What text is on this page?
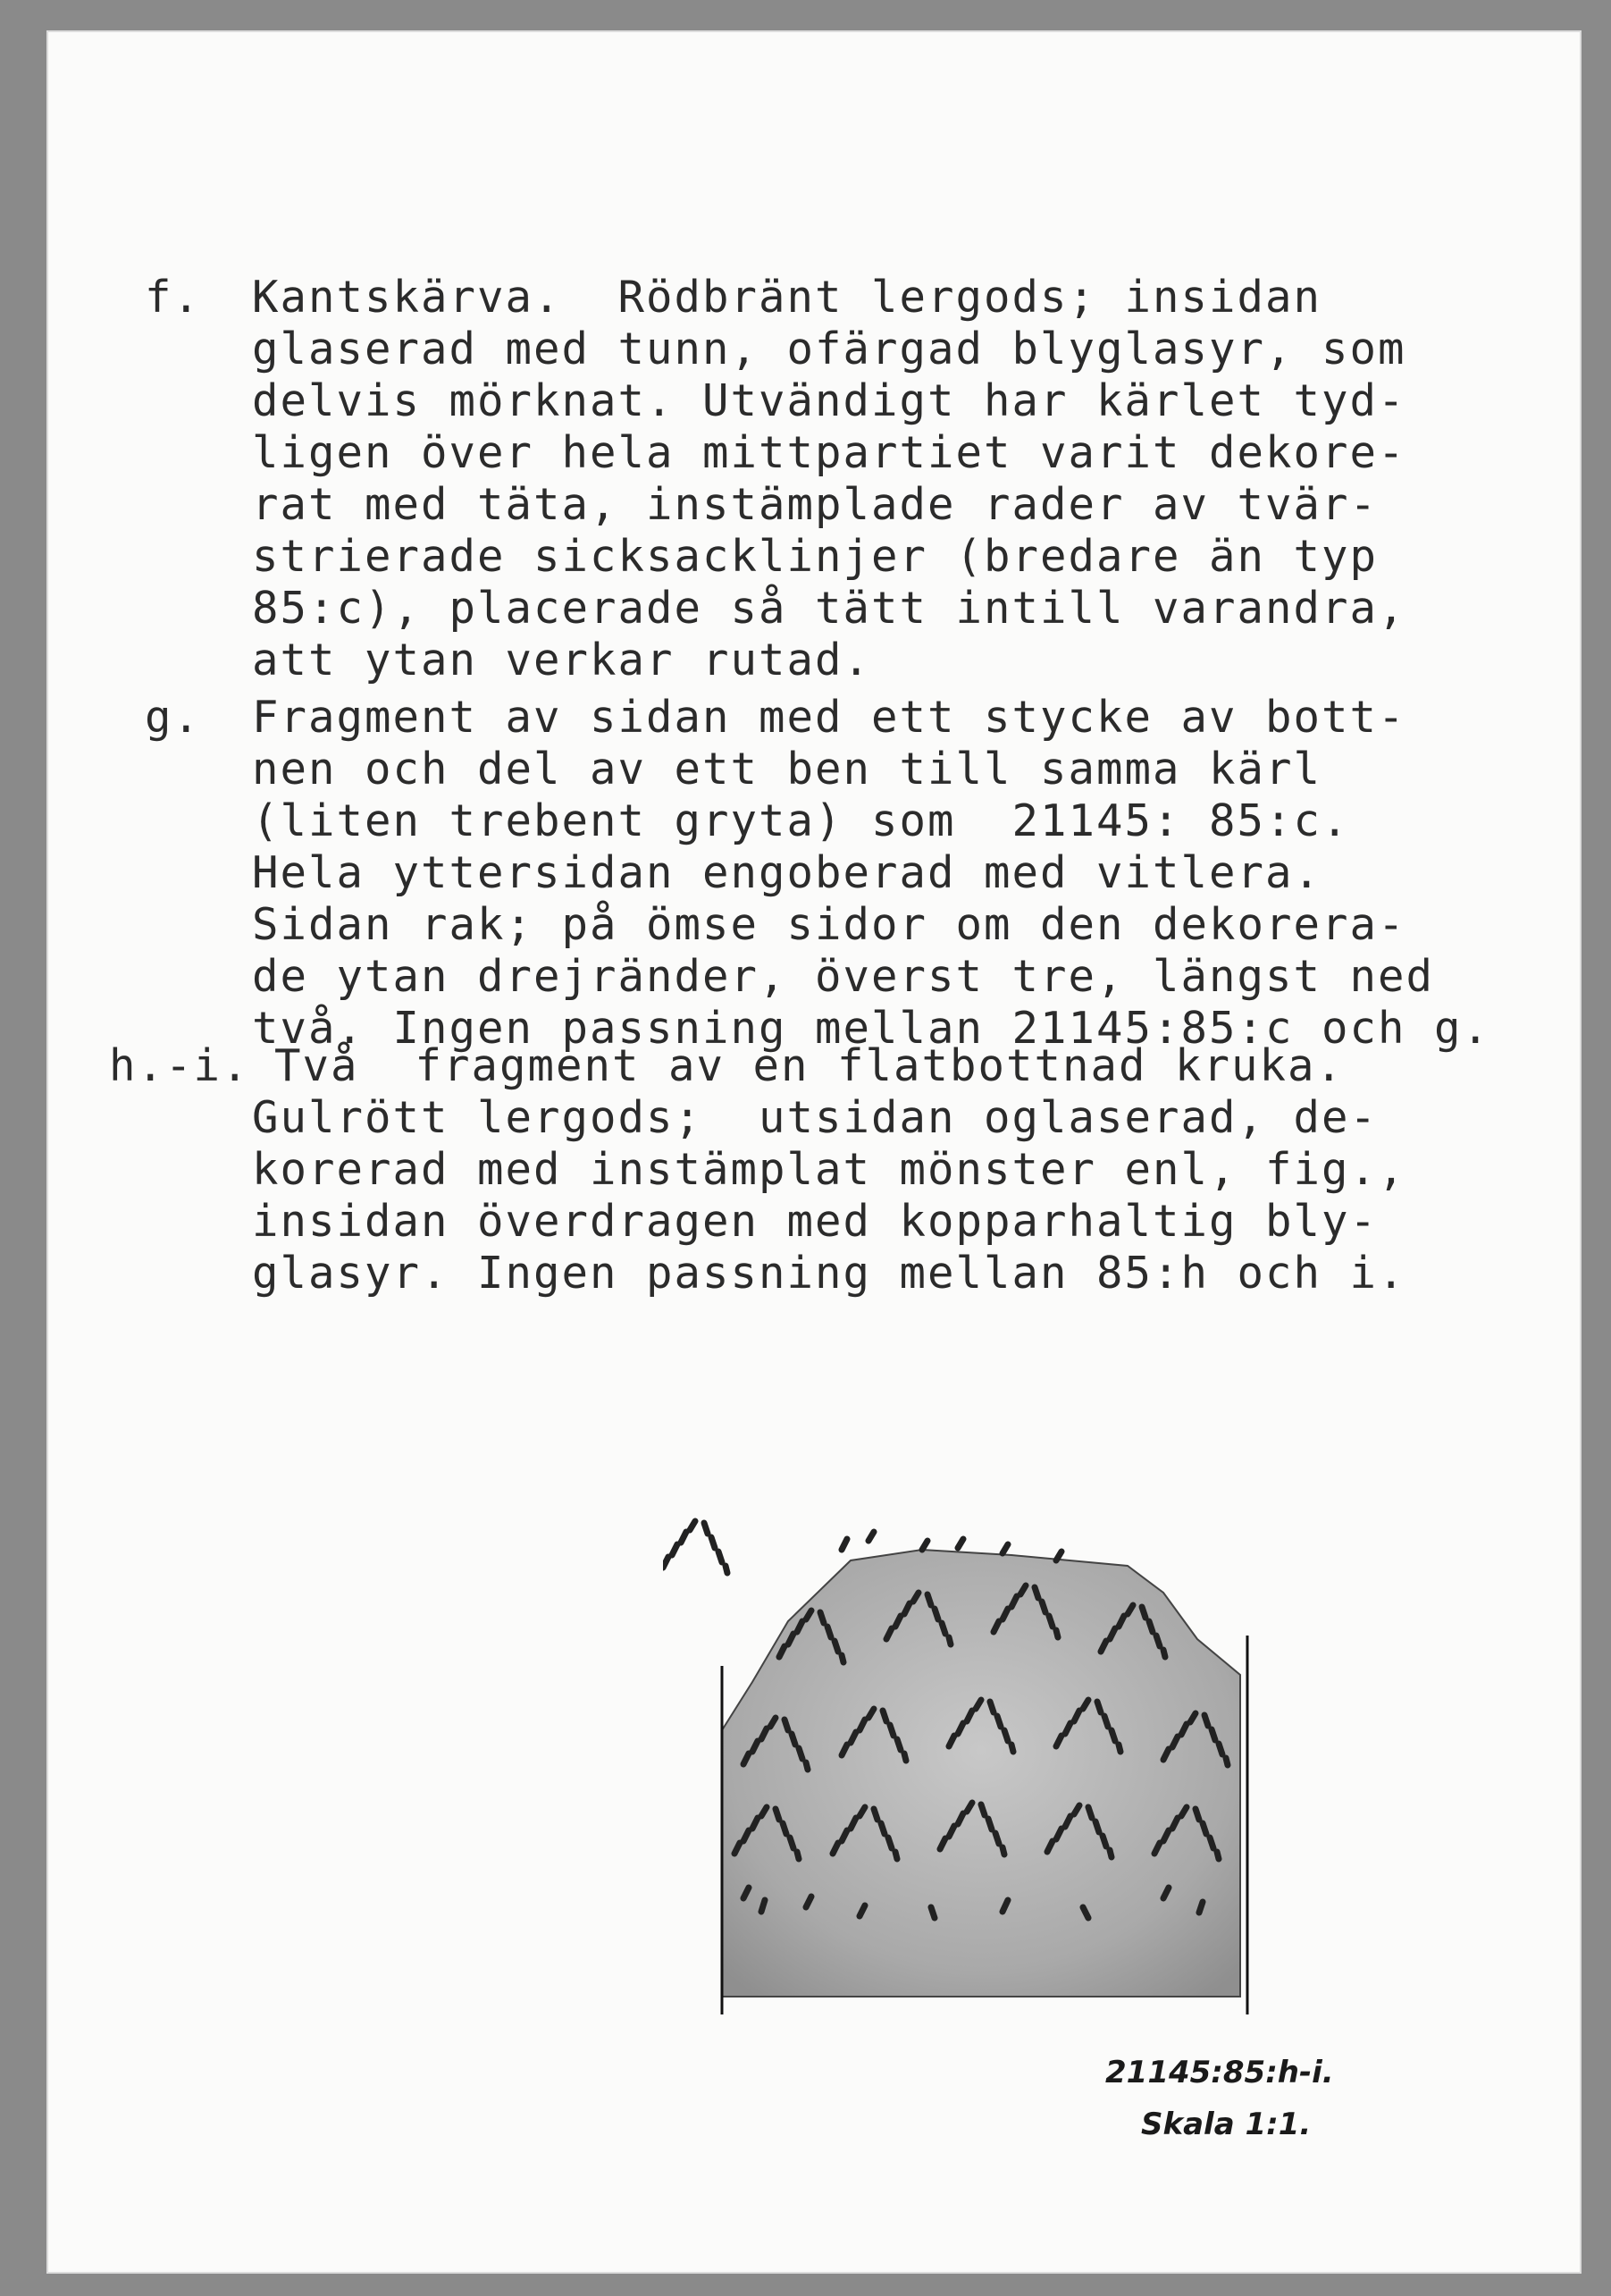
f. Kantskärva.  Rödbränt lergods; insidan
glaserad med tunn, ofärgad blyglasyr, som
delvis mörknat. Utvändigt har kärlet tyd-
ligen över hela mittpartiet varit dekore-
rat med täta, instämplade rader av tvär-
strierade sicksacklinjer (bredare än typ
85:c), placerade så tätt intill varandra,
att ytan verkar rutad.
g. Fragment av sidan med ett stycke av bott-
nen och del av ett ben till samma kärl
(liten trebent gryta) som  21145: 85:c.
Hela yttersidan engoberad med vitlera.
Sidan rak; på ömse sidor om den dekorera-
de ytan drejränder, överst tre, längst ned
två. Ingen passning mellan 21145:85:c och g.
h.-i. Två  fragment av en flatbottnad kruka.
Gulrött lergods;  utsidan oglaserad, de-
korerad med instämplat mönster enl, fig.,
insidan överdragen med kopparhaltig bly-
glasyr. Ingen passning mellan 85:h och i.
21145:85:h-i.
Skala 1:1.
